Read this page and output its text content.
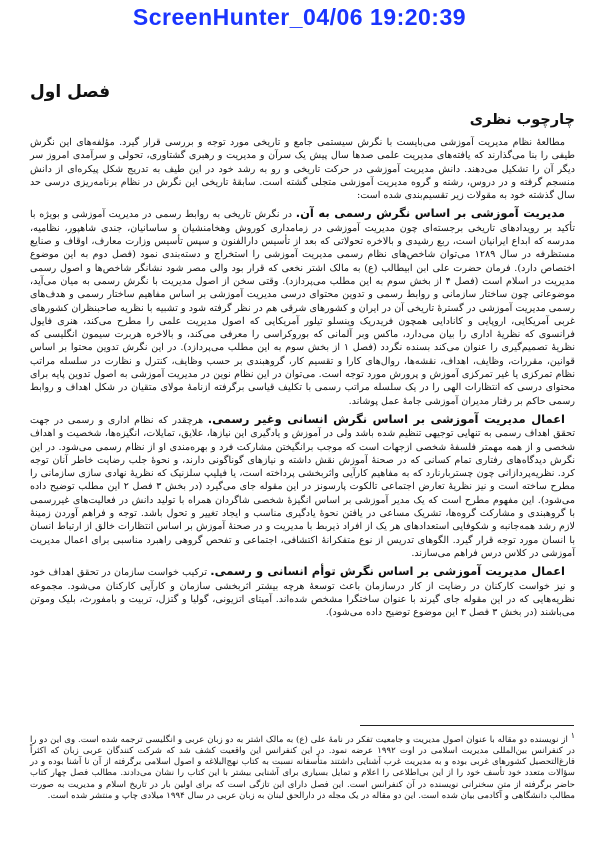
ScreenHunter_04/06 19:20:39
فصل اول
چارچوب نظری

مطالعهٔ نظام مدیریت آموزشی می‌بایست با نگرش سیستمی جامع و تاریخی مورد توجه و بررسی قرار گیرد. مؤلفه‌های این نگرش طیفی را بنا می‌گذارند که یافته‌های مدیریت علمی صدها سال پیش یک سرآن و مدیریت و رهبری گشتاوری، تحولی و سرآمدی امروز سر دیگر آن را تشکیل می‌دهند. دانش مدیریت آموزشی در حرکت تاریخی و رو به رشد خود در این طیف به تدریج شکل پیکره‌ای از دانش منسجم گرفته و در دروس، رشته و گروه مدیریت آموزشی متجلی گشته است. سابقهٔ تاریخی این نگرش در نظام برنامه‌ریزی درسی حد سال گذشته خود به مقولات زیر تقسیم‌بندی شده است:

مدیریت آموزشی بر اساس نگرش رسمی به آن. در نگرش تاریخی به روابط رسمی در مدیریت آموزشی و بویژه با تأکید بر رویدادهای تاریخی برجسته‌ای چون مدیریت آموزشی در زمامداری کوروش وهخامنشیان و ساسانیان، جندی شاهپور، نظامیه، مدرسه که ابداع ایرانیان است، ربع رشیدی و بالاخره تحولاتی که بعد از تأسیس دارالفنون و سپس تأسیس وزارت معارف، اوقاف و صنایع مستظرفه در سال ۱۲۸۹ می‌توان شاخص‌های نظام رسمی مدیریت آموزشی را استخراج و دسته‌بندی نمود (فصل دوم به این موضوع اختصاص دارد). فرمان حضرت علی ابن ابیطالب (ع) به مالک اشتر نخعی که قرار بود والی مصر شود نشانگر شاخص‌ها و اصول رسمی مدیریت در اسلام است (فصل ۴ از بخش سوم به این مطلب می‌پردازد). وقتی سخن از اصول مدیریت با نگرش رسمی به میان می‌آید، موضوعاتی چون ساختار سازمانی و روابط رسمی و تدوین محتوای درسی مدیریت آموزشی بر اساس مفاهیم ساختار رسمی و هدف‌های رسمی مدیریت آموزشی در گسترهٔ تاریخی آن در ایران و کشورهای شرقی هم در نظر گرفته شود و تشبیه با نظریه صاحبنظران کشورهای غربی آمریکایی، اروپایی و کانادایی همچون فریدریک وینسلو تیلور آمریکایی که اصول مدیریت علمی را مطرح می‌کند، هنری فایول فرانسوی که نظریهٔ اداری را بیان می‌دارد، ماکس وبر آلمانی که بوروکراسی را معرفی می‌کند، و بالاخره هربرت سیمون انگلیسی که نظریهٔ تصمیم‌گیری را عنوان می‌کند بسنده نگردد (فصل ۱ از بخش سوم به این مطلب می‌پردازد). در این نگرش تدوین محتوا بر اساس قوانین، مقررات، وظایف، اهداف، نقشه‌ها، روال‌های کارا و تقسیم کار، گروهبندی بر حسب وظایف، کنترل و نظارت در سلسله مراتب نظام تمرکزی یا غیر تمرکزی آموزش و پرورش مورد توجه است. می‌توان در این نظام نوین در مدیریت آموزشی به اصول تدوین پایه برای محتوای درسی که انتظارات الهی را در یک سلسله مراتب رسمی با تکلیف قیاسی برگرفته ازنامهٔ مولای متقیان در شکل اهداف و روابط رسمی حاکم بر رفتار مدیران آموزشی جامهٔ عمل پوشاند.

اعمال مدیریت آموزشی بر اساس نگرش انسانی وغیر رسمی. هرچقدر که نظام اداری و رسمی در جهت تحقق اهداف رسمی به تنهایی توجیهی تنظیم شده باشد ولی در آموزش و یادگیری این نیازها، علایق، تمایلات، انگیزه‌ها، شخصیت و اهداف شخصی و از همه مهمتر فلسفهٔ شخصی ازجهات است که موجب برانگیختن مشارکت فرد و بهره‌مندی او از نظام رسمی می‌شود. در این نگرش دیدگاه‌های رفتاری تمام کسانی که در صحنهٔ آموزش نقش داشته و نیازهای گوناگونی دارند، و نحوهٔ جلب رضایت خاطر آنان توجه کرد. نظریه‌پردازانی چون چستربارنارد که به مفاهیم کارآیی واثربخشی پرداخته است، یا فیلیپ سلزنیک که نظریهٔ نهادی سازی سازمانی را مطرح ساخته است و نیز نظریهٔ تعارض اجتماعی تالکوت پارسونز در این مقوله جای می‌گیرد (در بخش ۳ فصل ۲ این مطلب توضیح داده می‌شود). این مفهوم مطرح است که یک مدیر آموزشی بر اساس انگیزهٔ شخصی شاگردان همراه با تولید دانش در فعالیت‌های غیررسمی با گروهبندی و مشارکت گروه‌ها، تشریک مساعی در یافتن نحوهٔ یادگیری مناسب و ایجاد تغییر و تحول باشد. توجه و فراهم آوردن زمینهٔ لازم رشد همه‌جانبه و شکوفایی استعدادهای هر یک از افراد ذیربط با مدیریت و در صحنهٔ آموزش بر اساس انتظارات خالق از ارتباط انسان با انسان مورد توجه قرار گیرد. الگوهای تدریس از نوع متفکرانهٔ اکتشافی، اجتماعی و تفحص گروهی راهبرد مناسبی برای اعمال مدیریت آموزشی در کلاس درس فراهم می‌سازند.

اعمال مدیریت آموزشی بر اساس نگرش توأم انسانی و رسمی. ترکیب خواست سازمان در تحقق اهداف خود و نیز خواست کارکنان در رضایت از کار درسازمان باعث توسعهٔ هرچه بیشتر اثربخشی سازمان و کارآیی کارکنان می‌شود. مجموعه نظریه‌هایی که در این مقوله جای گیرند با عنوان ساختگرا مشخص شده‌اند. آمیتای اتزیونی، گولیا و گتزل، تربیت و بامفورث، بلیک وموتن می‌باشند (در بخش ۳ فصل ۳ این موضوع توضیح داده می‌شود).

۱ از نویسنده دو مقاله با عنوان اصول مدیریت و جامعیت تفکر در نامهٔ علی (ع) به مالک اشتر به دو زبان عربی و انگلیسی ترجمه شده است. وی این دو را در کنفرانس بین‌المللی مدیریت اسلامی در اوت ۱۹۹۲ عرضه نمود. در این کنفرانس این واقعیت کشف شد که شرکت کنندگان عربی زبان که اکثراً فارغ‌التحصیل کشورهای غربی بوده و به مدیریت غرب آشنایی داشتند متأسفانه نسبت به کتاب نهج‌البلاغه و اصول اسلامی برگرفته از آن نا آشنا بوده و در سؤالات متعدد خود تأسف خود را از این بی‌اطلاعی را اعلام و تمایل بسیاری برای آشنایی بیشتر با این کتاب را نشان می‌دادند. مطالب فصل چهار کتاب حاضر برگرفته از متن سخنرانی نویسنده در آن کنفرانس است. این فصل دارای این تازگی است که برای اولین بار در تاریخ اسلام و مدیریت به صورت مطالب دانشگاهی و آکادمی بیان شده است. این دو مقاله در یک مجله در دارالحق لبنان به زبان عربی در سال ۱۹۹۴ میلادی چاپ و منتشر شده است.
